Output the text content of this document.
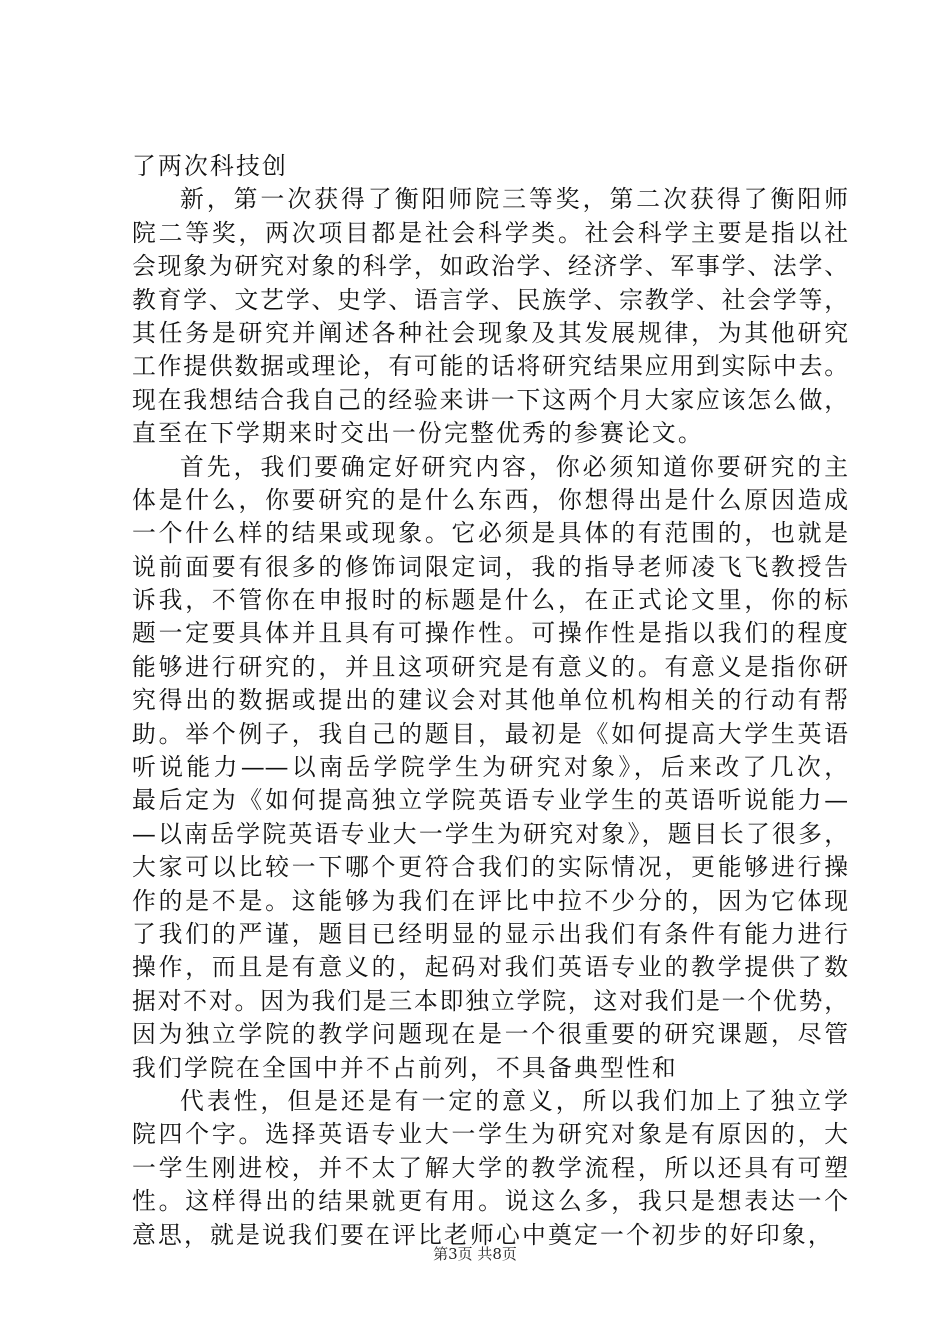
了两次科技创
新，第一次获得了衡阳师院三等奖，第二次获得了衡阳师
院二等奖，两次项目都是社会科学类。社会科学主要是指以社
会现象为研究对象的科学，如政治学、经济学、军事学、法学、
教育学、文艺学、史学、语言学、民族学、宗教学、社会学等，
其任务是研究并阐述各种社会现象及其发展规律，为其他研究
工作提供数据或理论，有可能的话将研究结果应用到实际中去。
现在我想结合我自己的经验来讲一下这两个月大家应该怎么做，
直至在下学期来时交出一份完整优秀的参赛论文。
首先，我们要确定好研究内容，你必须知道你要研究的主
体是什么，你要研究的是什么东西，你想得出是什么原因造成
一个什么样的结果或现象。它必须是具体的有范围的，也就是
说前面要有很多的修饰词限定词，我的指导老师凌飞飞教授告
诉我，不管你在申报时的标题是什么，在正式论文里，你的标
题一定要具体并且具有可操作性。可操作性是指以我们的程度
能够进行研究的，并且这项研究是有意义的。有意义是指你研
究得出的数据或提出的建议会对其他单位机构相关的行动有帮
助。举个例子，我自己的题目，最初是《如何提高大学生英语
听说能力——以南岳学院学生为研究对象》，后来改了几次，
最后定为《如何提高独立学院英语专业学生的英语听说能力—
—以南岳学院英语专业大一学生为研究对象》，题目长了很多，
大家可以比较一下哪个更符合我们的实际情况，更能够进行操
作的是不是。这能够为我们在评比中拉不少分的，因为它体现
了我们的严谨，题目已经明显的显示出我们有条件有能力进行
操作，而且是有意义的，起码对我们英语专业的教学提供了数
据对不对。因为我们是三本即独立学院，这对我们是一个优势，
因为独立学院的教学问题现在是一个很重要的研究课题，尽管
我们学院在全国中并不占前列，不具备典型性和
代表性，但是还是有一定的意义，所以我们加上了独立学
院四个字。选择英语专业大一学生为研究对象是有原因的，大
一学生刚进校，并不太了解大学的教学流程，所以还具有可塑
性。这样得出的结果就更有用。说这么多，我只是想表达一个
意思，就是说我们要在评比老师心中奠定一个初步的好印象，
第3页 共8页
